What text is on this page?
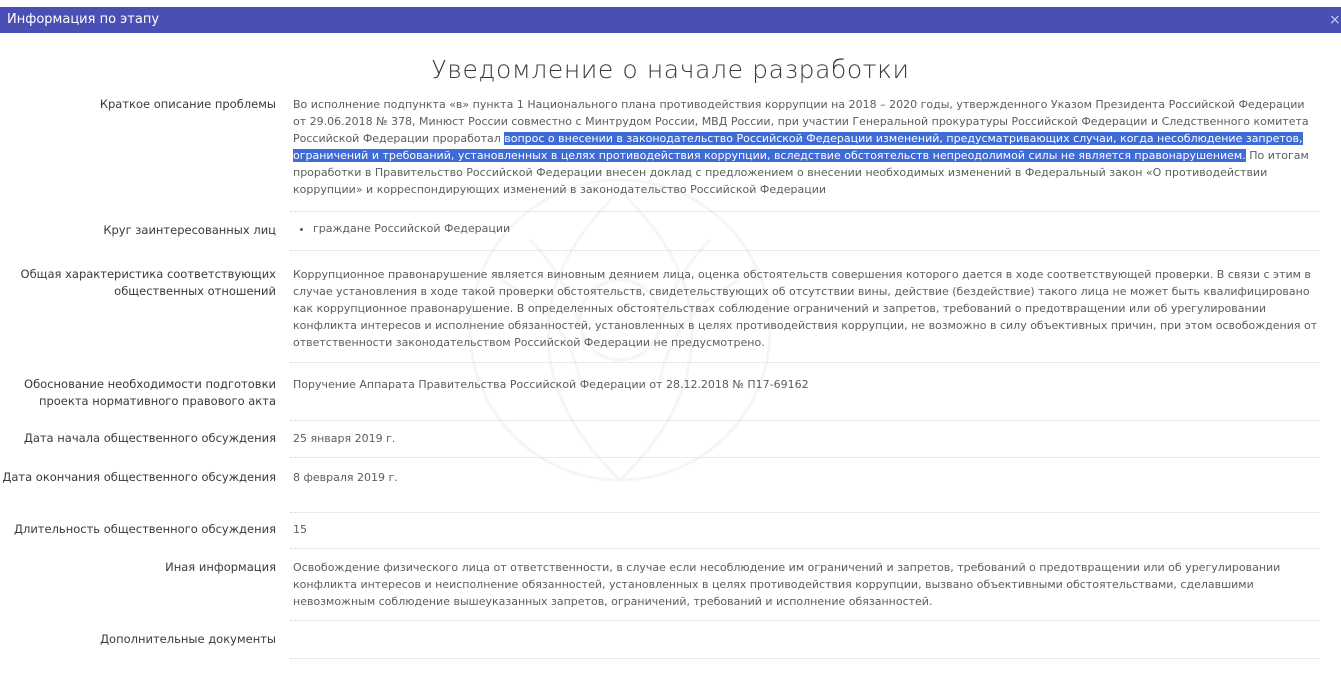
Информация по этапу	×
Уведомление о начале разработки
Краткое описание проблемы Во исполнение подпункта «в» пункта 1 Национального плана противодействия коррупции на 2018 – 2020 годы, утвержденного Указом Президента Российской Федерации от 29.06.2018 № 378, Минюст России совместно с Минтрудом России, МВД России, при участии Генеральной прокуратуры Российской Федерации и Следственного комитета Российской Федерации проработал вопрос о внесении в законодательство Российской Федерации изменений, предусматривающих случаи, когда несоблюдение запретов, ограничений и требований, установленных в целях противодействия коррупции, вследствие обстоятельств непреодолимой силы не является правонарушением. По итогам проработки в Правительство Российской Федерации внесен доклад с предложением о внесении необходимых изменений в Федеральный закон «О противодействии коррупции» и корреспондирующих изменений в законодательство Российской Федерации
Круг заинтересованных лиц
•	граждане Российской Федерации
Общая характеристика соответствующих общественных отношений
Коррупционное правонарушение является виновным деянием лица, оценка обстоятельств совершения которого дается в ходе соответствующей проверки. В связи с этим в случае установления в ходе такой проверки обстоятельств, свидетельствующих об отсутствии вины, действие (бездействие) такого лица не может быть квалифицировано как коррупционное правонарушение. В определенных обстоятельствах соблюдение ограничений и запретов, требований о предотвращении или об урегулировании конфликта интересов и исполнение обязанностей, установленных в целях противодействия коррупции, не возможно в силу объективных причин, при этом освобождения от ответственности законодательством Российской Федерации не предусмотрено.
Обоснование необходимости подготовки проекта нормативного правового акта
Поручение Аппарата Правительства Российской Федерации от 28.12.2018 № П17-69162
Дата начала общественного обсуждения 25 января 2019 г.
Дата окончания общественного обсуждения 8 февраля 2019 г.
Длительность общественного обсуждения 15
Иная информация Освобождение физического лица от ответственности, в случае если несоблюдение им ограничений и запретов, требований о предотвращении или об урегулировании конфликта интересов и неисполнение обязанностей, установленных в целях противодействия коррупции, вызвано объективными обстоятельствами, сделавшими невозможным соблюдение вышеуказанных запретов, ограничений, требований и исполнение обязанностей.
Дополнительные документы
